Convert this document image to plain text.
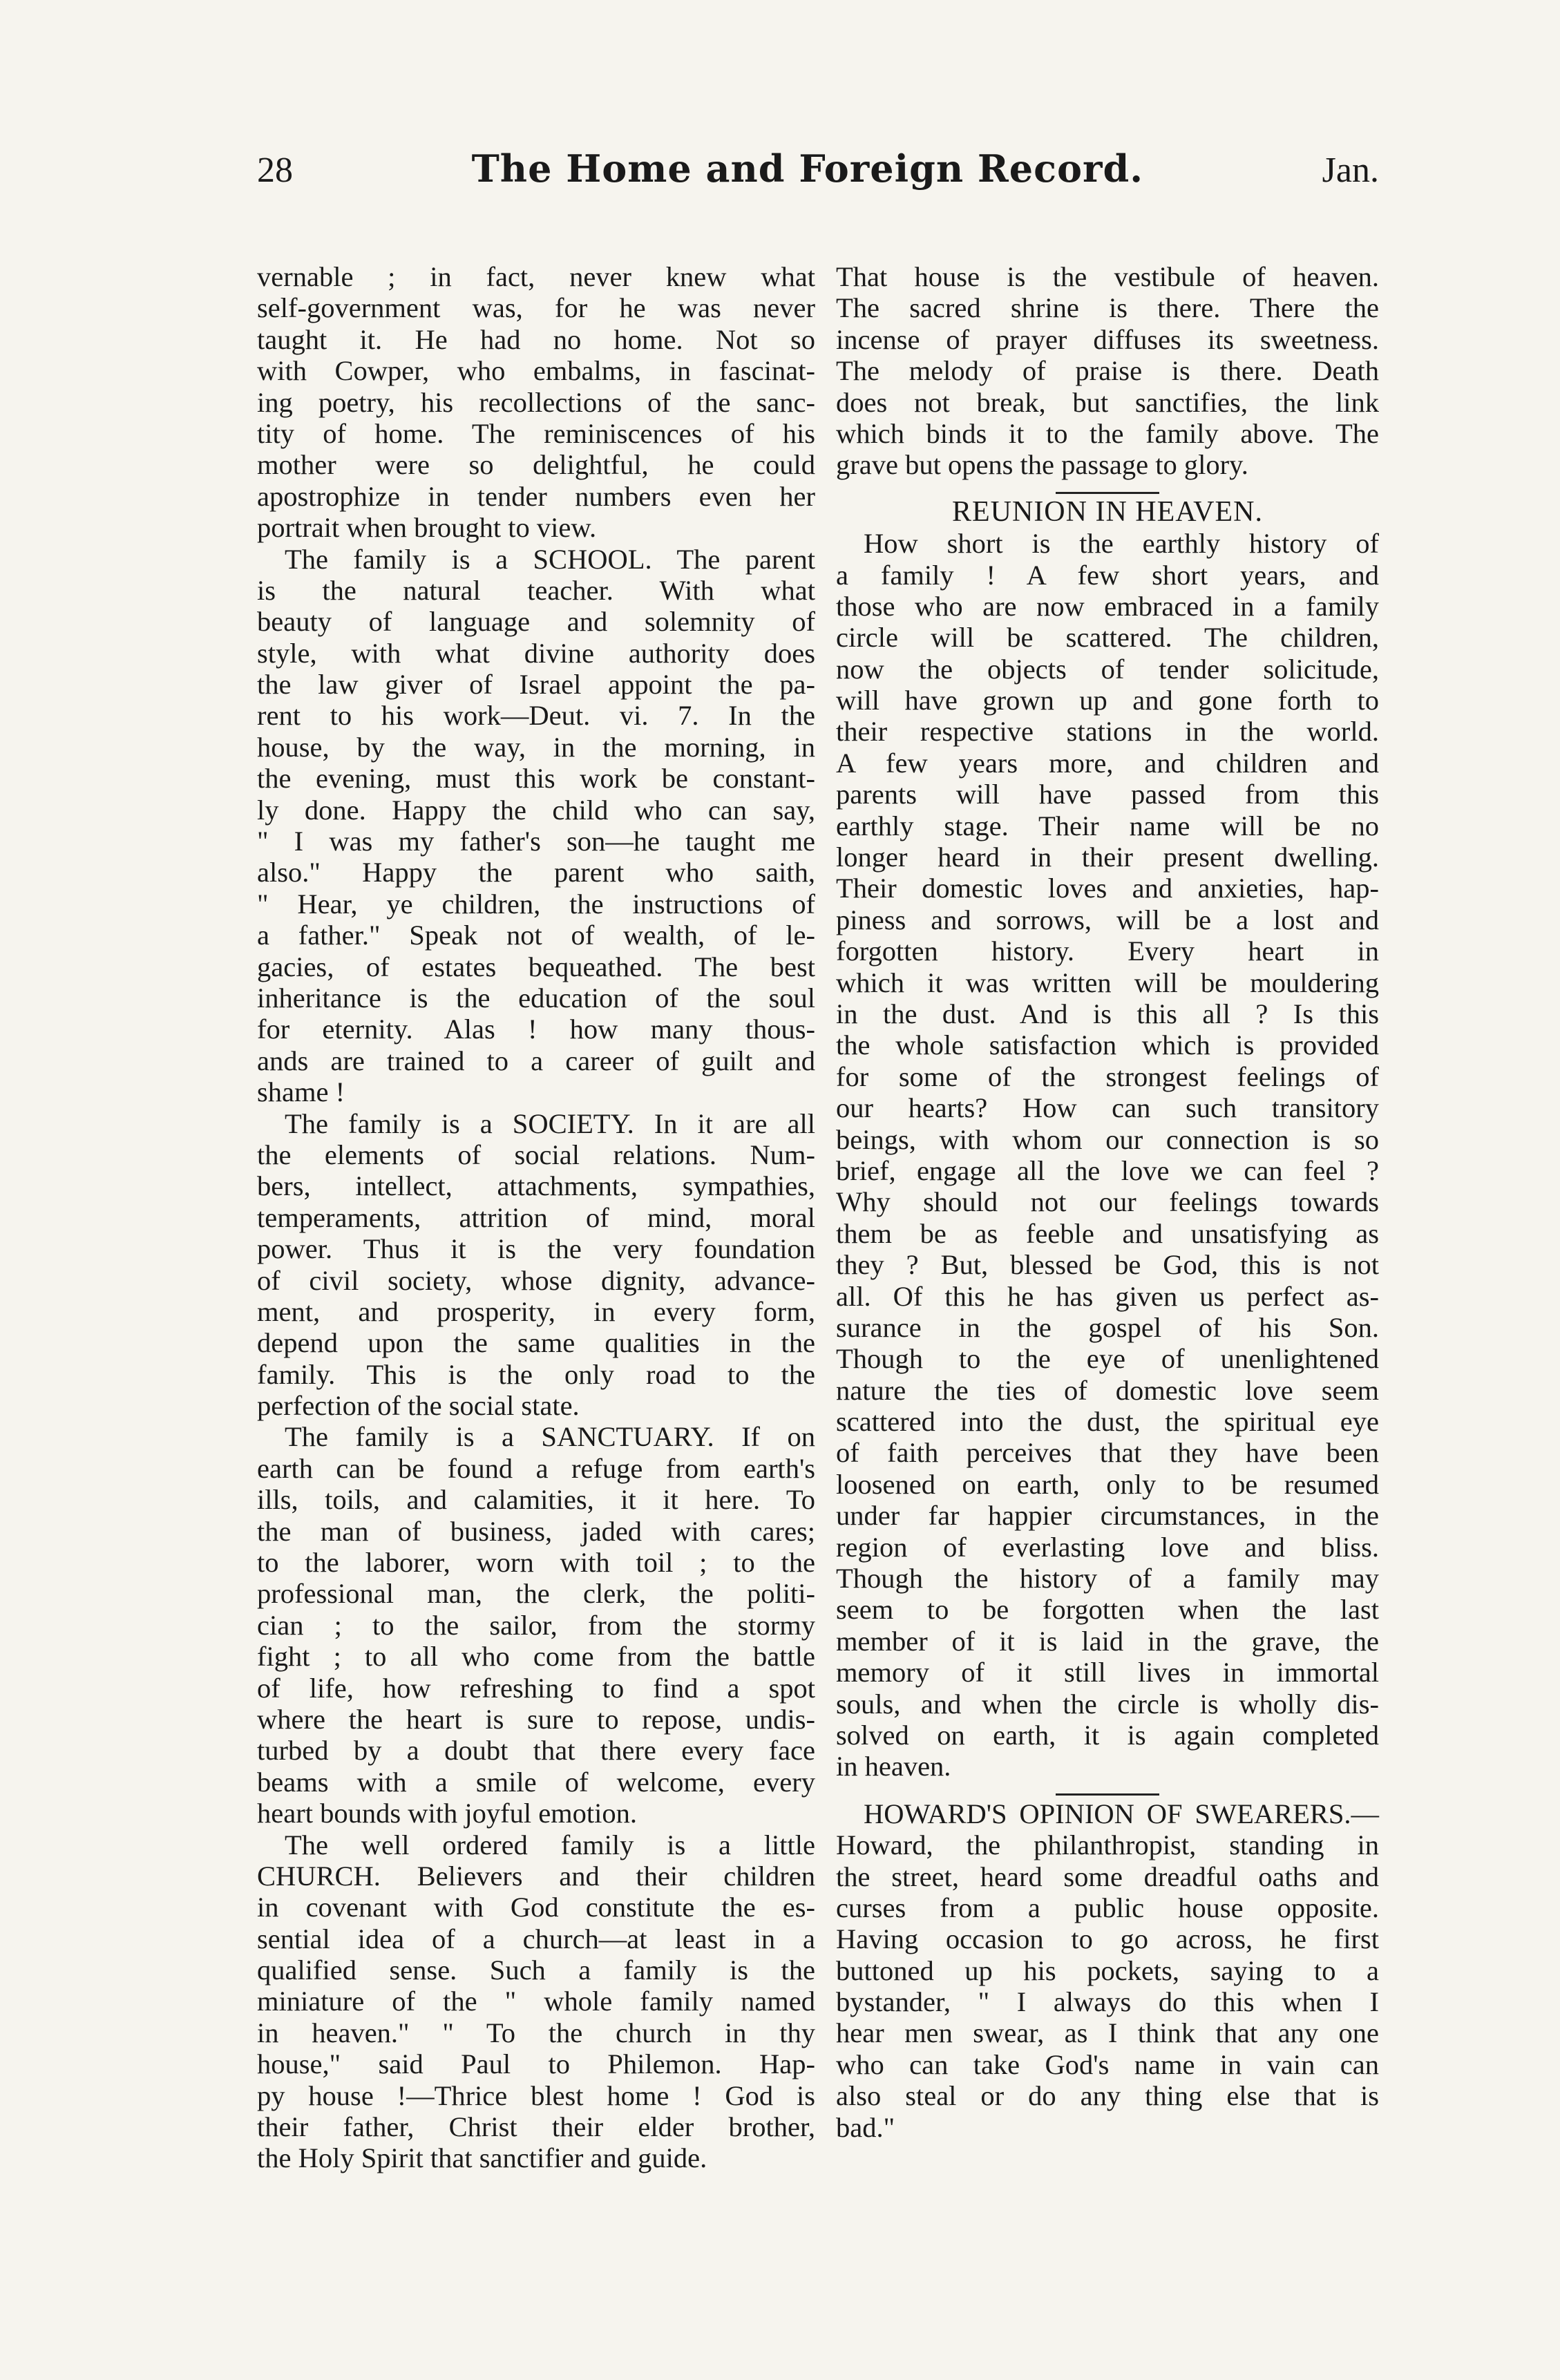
28	The Home and Foreign Record.	Jan.
vernable ; in fact, never knew what
self-government was, for he was never
taught it. He had no home. Not so
with Cowper, who embalms, in fascinat-
ing poetry, his recollections of the sanc-
tity of home. The reminiscences of his
mother were so delightful, he could
apostrophize in tender numbers even her
portrait when brought to view.
The family is a SCHOOL. The parent
is the natural teacher. With what
beauty of language and solemnity of
style, with what divine authority does
the law giver of Israel appoint the pa-
rent to his work—Deut. vi. 7. In the
house, by the way, in the morning, in
the evening, must this work be constant-
ly done. Happy the child who can say,
" I was my father's son—he taught me
also." Happy the parent who saith,
" Hear, ye children, the instructions of
a father." Speak not of wealth, of le-
gacies, of estates bequeathed. The best
inheritance is the education of the soul
for eternity. Alas ! how many thous-
ands are trained to a career of guilt and
shame !
The family is a SOCIETY. In it are all
the elements of social relations. Num-
bers, intellect, attachments, sympathies,
temperaments, attrition of mind, moral
power. Thus it is the very foundation
of civil society, whose dignity, advance-
ment, and prosperity, in every form,
depend upon the same qualities in the
family. This is the only road to the
perfection of the social state.
The family is a SANCTUARY. If on
earth can be found a refuge from earth's
ills, toils, and calamities, it it here. To
the man of business, jaded with cares;
to the laborer, worn with toil ; to the
professional man, the clerk, the politi-
cian ; to the sailor, from the stormy
fight ; to all who come from the battle
of life, how refreshing to find a spot
where the heart is sure to repose, undis-
turbed by a doubt that there every face
beams with a smile of welcome, every
heart bounds with joyful emotion.
The well ordered family is a little
CHURCH. Believers and their children
in covenant with God constitute the es-
sential idea of a church—at least in a
qualified sense. Such a family is the
miniature of the " whole family named
in heaven." " To the church in thy
house," said Paul to Philemon. Hap-
py house !—Thrice blest home ! God is
their father, Christ their elder brother,
the Holy Spirit that sanctifier and guide.
That house is the vestibule of heaven.
The sacred shrine is there. There the
incense of prayer diffuses its sweetness.
The melody of praise is there. Death
does not break, but sanctifies, the link
which binds it to the family above. The
grave but opens the passage to glory.
REUNION IN HEAVEN.
How short is the earthly history of
a family ! A few short years, and
those who are now embraced in a family
circle will be scattered. The children,
now the objects of tender solicitude,
will have grown up and gone forth to
their respective stations in the world.
A few years more, and children and
parents will have passed from this
earthly stage. Their name will be no
longer heard in their present dwelling.
Their domestic loves and anxieties, hap-
piness and sorrows, will be a lost and
forgotten history. Every heart in
which it was written will be mouldering
in the dust. And is this all ? Is this
the whole satisfaction which is provided
for some of the strongest feelings of
our hearts? How can such transitory
beings, with whom our connection is so
brief, engage all the love we can feel ?
Why should not our feelings towards
them be as feeble and unsatisfying as
they ? But, blessed be God, this is not
all. Of this he has given us perfect as-
surance in the gospel of his Son.
Though to the eye of unenlightened
nature the ties of domestic love seem
scattered into the dust, the spiritual eye
of faith perceives that they have been
loosened on earth, only to be resumed
under far happier circumstances, in the
region of everlasting love and bliss.
Though the history of a family may
seem to be forgotten when the last
member of it is laid in the grave, the
memory of it still lives in immortal
souls, and when the circle is wholly dis-
solved on earth, it is again completed
in heaven.
HOWARD'S OPINION OF SWEARERS.—
Howard, the philanthropist, standing in
the street, heard some dreadful oaths and
curses from a public house opposite.
Having occasion to go across, he first
buttoned up his pockets, saying to a
bystander, " I always do this when I
hear men swear, as I think that any one
who can take God's name in vain can
also steal or do any thing else that is
bad."
